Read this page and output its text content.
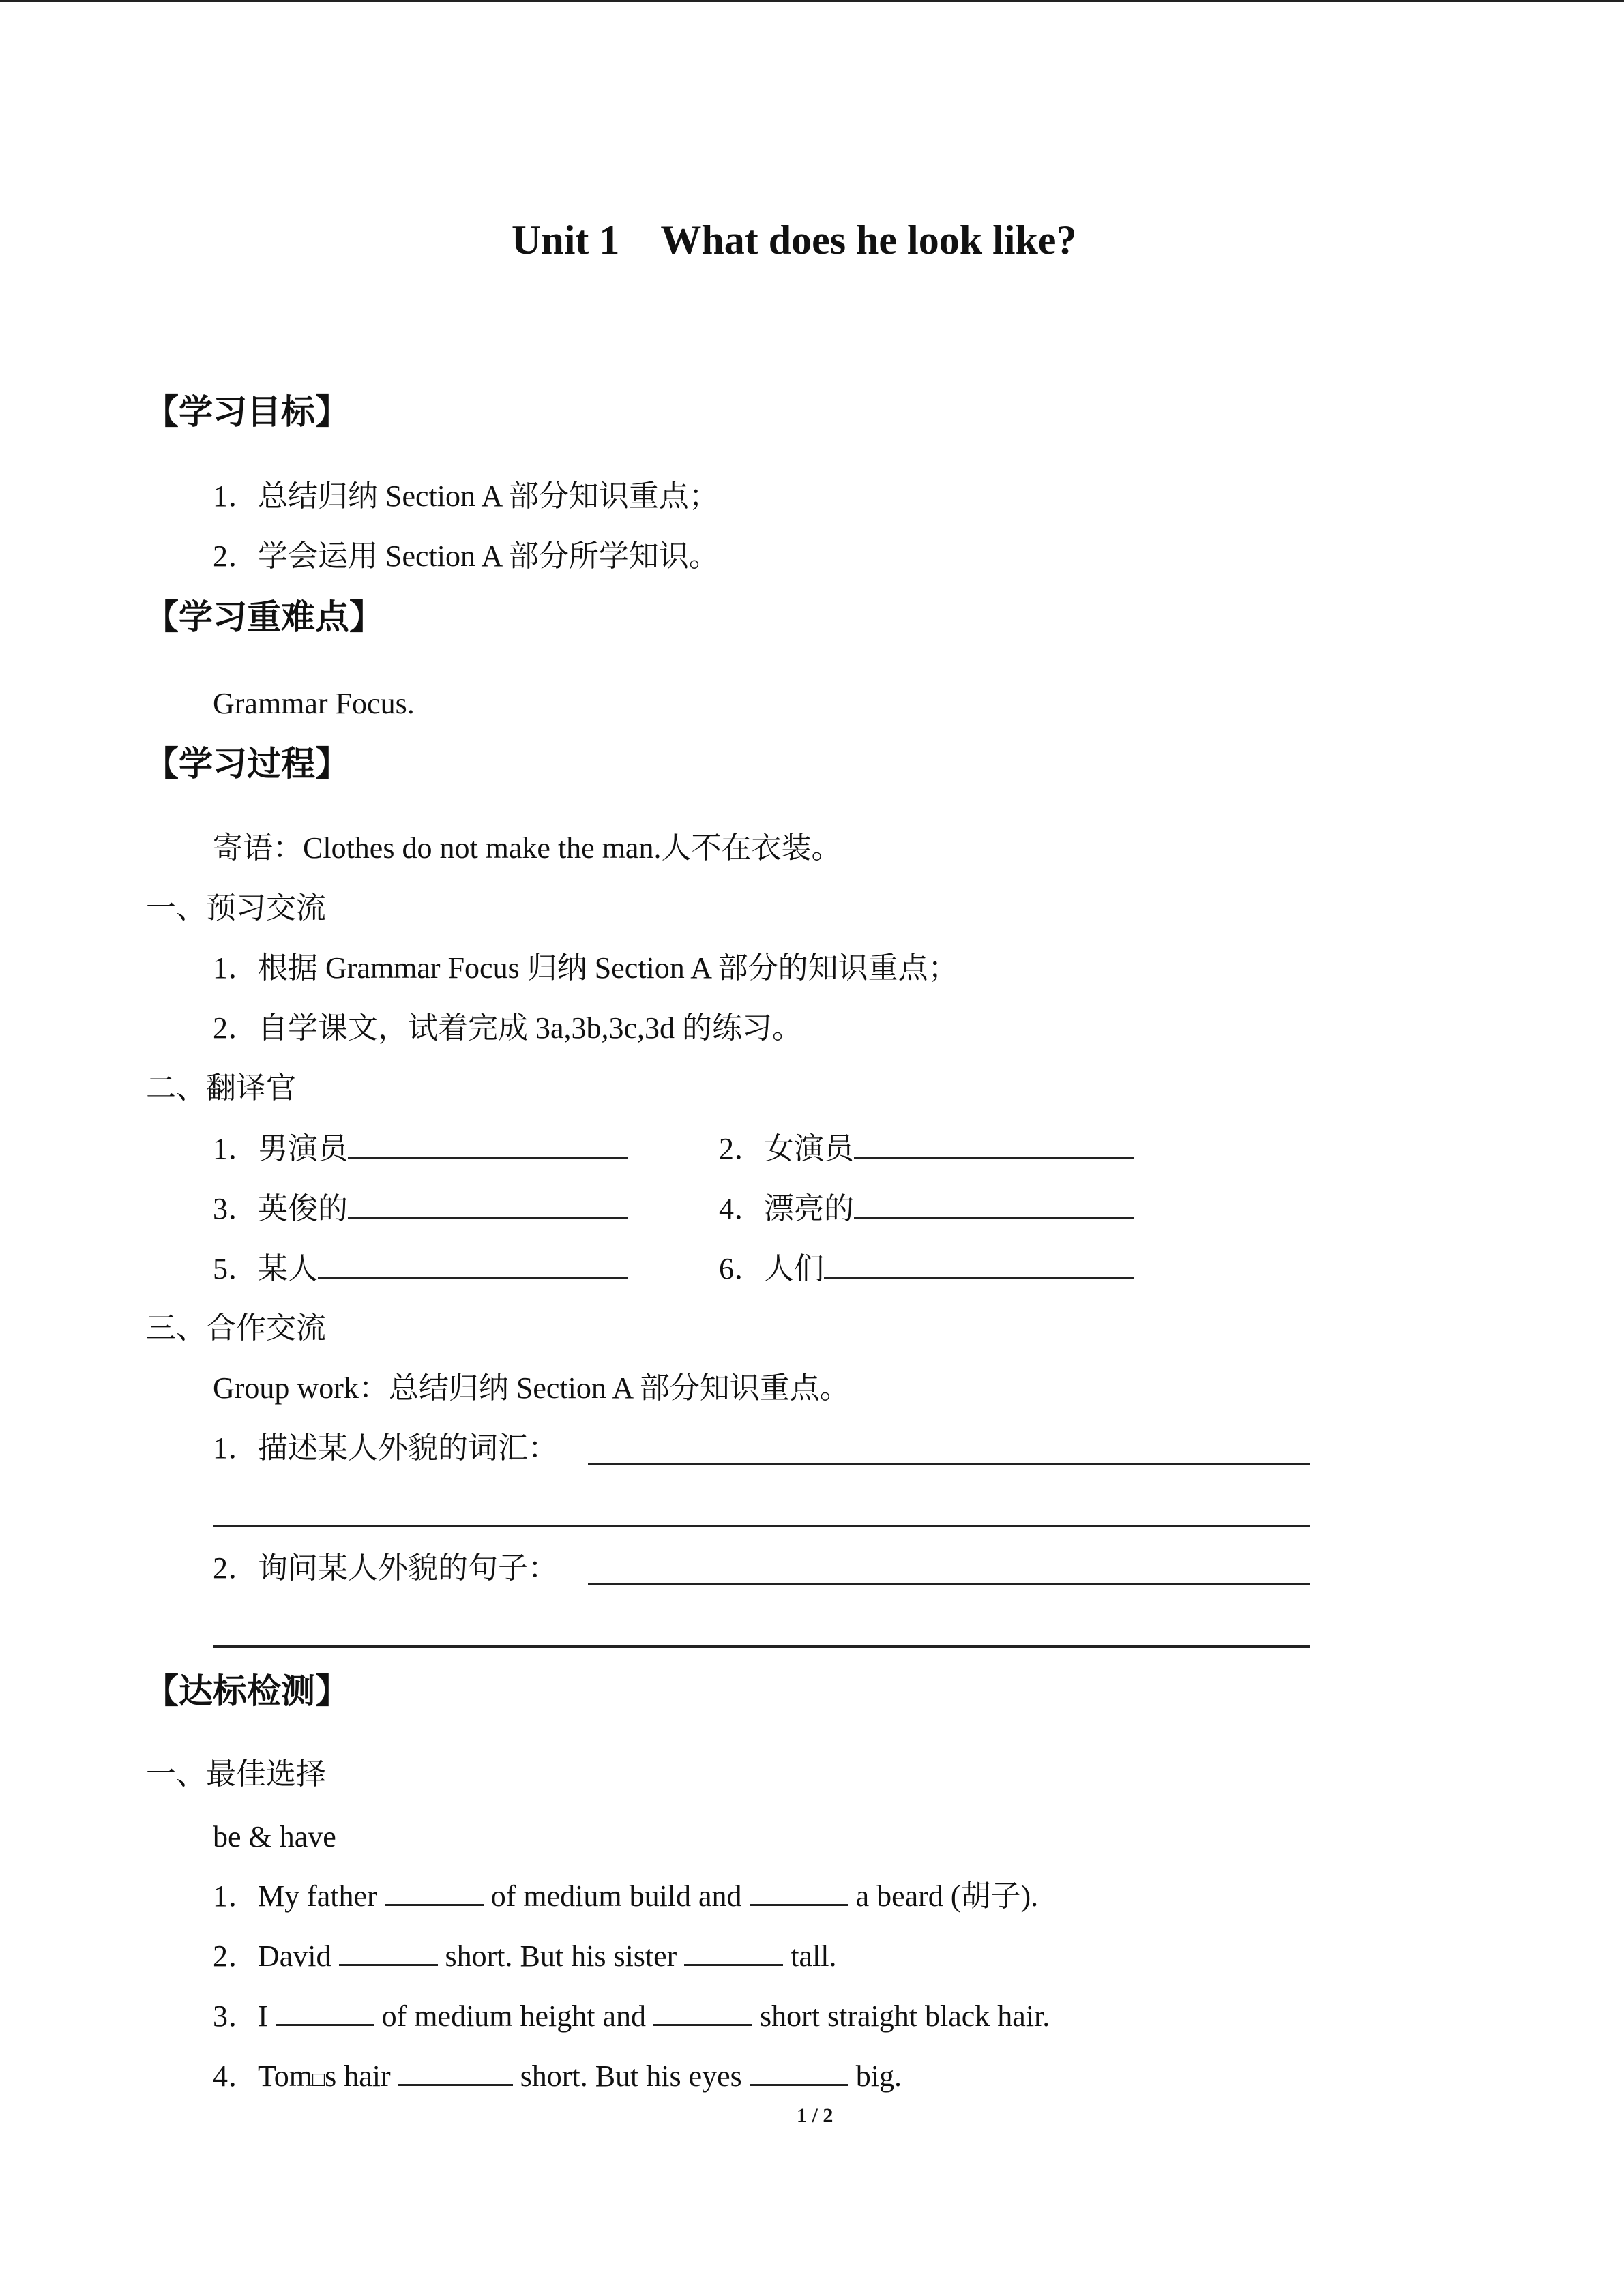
Unit 1 What does he look like?
【学习目标】
1．总结归纳 Section A 部分知识重点；
2．学会运用 Section A 部分所学知识。
【学习重难点】
Grammar Focus.
【学习过程】
寄语：Clothes do not make the man.人不在衣装。
一、预习交流
1．根据 Grammar Focus 归纳 Section A 部分的知识重点；
2．自学课文，试着完成 3a,3b,3c,3d 的练习。
二、翻译官
1．男演员	2．女演员
3．英俊的	4．漂亮的
5．某人	6．人们
三、合作交流
Group work：总结归纳 Section A 部分知识重点。
1．描述某人外貌的词汇：
2．询问某人外貌的句子：
【达标检测】
一、最佳选择
be & have
1．My father	of medium build and	a beard (胡子).
2．David	short. But his sister	tall.
3．I	of medium height and	short straight black hair.
4．Tom□s hair	short. But his eyes	big.
1 / 2
